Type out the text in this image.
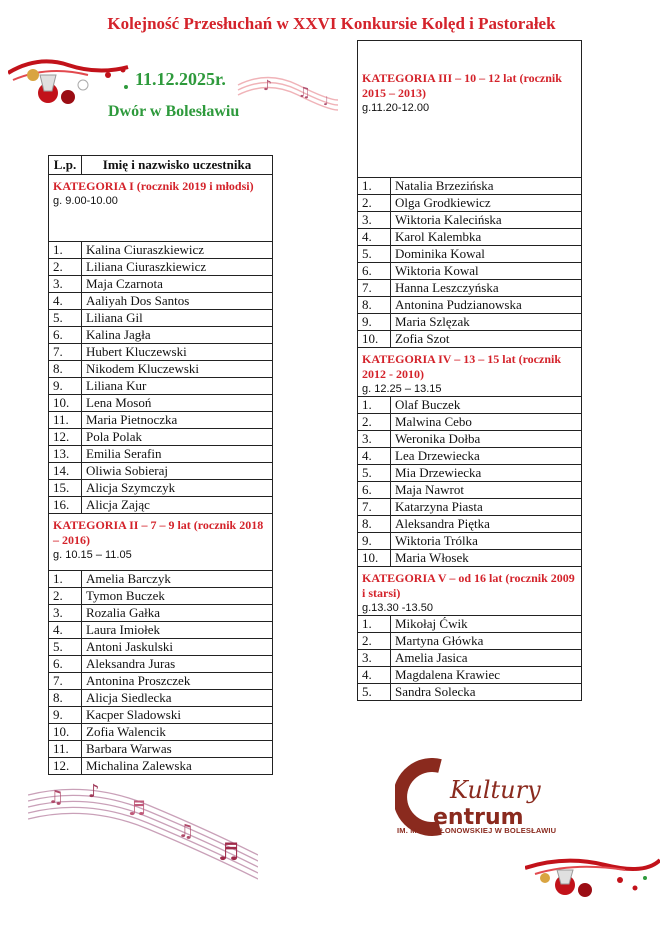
Kolejność Przesłuchań w XXVI Konkursie Kolęd i Pastorałek
♪ ♫ ♩
11.12.2025r.
Dwór w Bolesławiu
L.p.	Imię i nazwisko uczestnika

KATEGORIA I (rocznik 2019 i młodsi)
g. 9.00-10.00	

1.	Kalina Ciuraszkiewicz
2.	Liliana Ciuraszkiewicz
3.	Maja Czarnota
4.	Aaliyah Dos Santos
5.	Liliana Gil
6.	Kalina Jagła
7.	Hubert Kluczewski
8.	Nikodem Kluczewski
9.	Liliana Kur
10.	Lena Mosoń
11.	Maria Pietnoczka
12.	Pola Polak
13.	Emilia Serafin
14.	Oliwia Sobieraj
15.	Alicja Szymczyk
16.	Alicja Zając

KATEGORIA II – 7 – 9 lat (rocznik 2018 – 2016)
g. 10.15 – 11.05	

1.	Amelia Barczyk
2.	Tymon Buczek
3.	Rozalia Gałka
4.	Laura Imiołek
5.	Antoni Jaskulski
6.	Aleksandra Juras
7.	Antonina Proszczek
8.	Alicja Siedlecka
9.	Kacper Sladowski
10.	Zofia Walencik
11.	Barbara Warwas
12.	Michalina Zalewska
KATEGORIA III – 10 – 12 lat (rocznik 2015 – 2013)
g.11.20-12.00	

1.	Natalia Brzezińska
2.	Olga Grodkiewicz
3.	Wiktoria Kalecińska
4.	Karol Kalembka
5.	Dominika Kowal
6.	Wiktoria Kowal
7.	Hanna Leszczyńska
8.	Antonina Pudzianowska
9.	Maria Szlęzak
10.	Zofia Szot

KATEGORIA IV – 13 – 15 lat (rocznik 2012 - 2010)
g. 12.25 – 13.15	

1.	Olaf Buczek
2.	Malwina Cebo
3.	Weronika Dołba
4.	Lea Drzewiecka
5.	Mia Drzewiecka
6.	Maja Nawrot
7.	Katarzyna Piasta
8.	Aleksandra Piętka
9.	Wiktoria Trólka
10.	Maria Włosek

KATEGORIA V – od 16 lat (rocznik 2009 i starsi)
g.13.30 -13.50	

1.	Mikołaj Ćwik
2.	Martyna Główka
3.	Amelia Jasica
4.	Magdalena Krawiec
5.	Sandra Solecka
♫ ♪
♬
♫
♬
Kultury
entrum
IM. MARII PŁONOWSKIEJ W BOLESŁAWIU
